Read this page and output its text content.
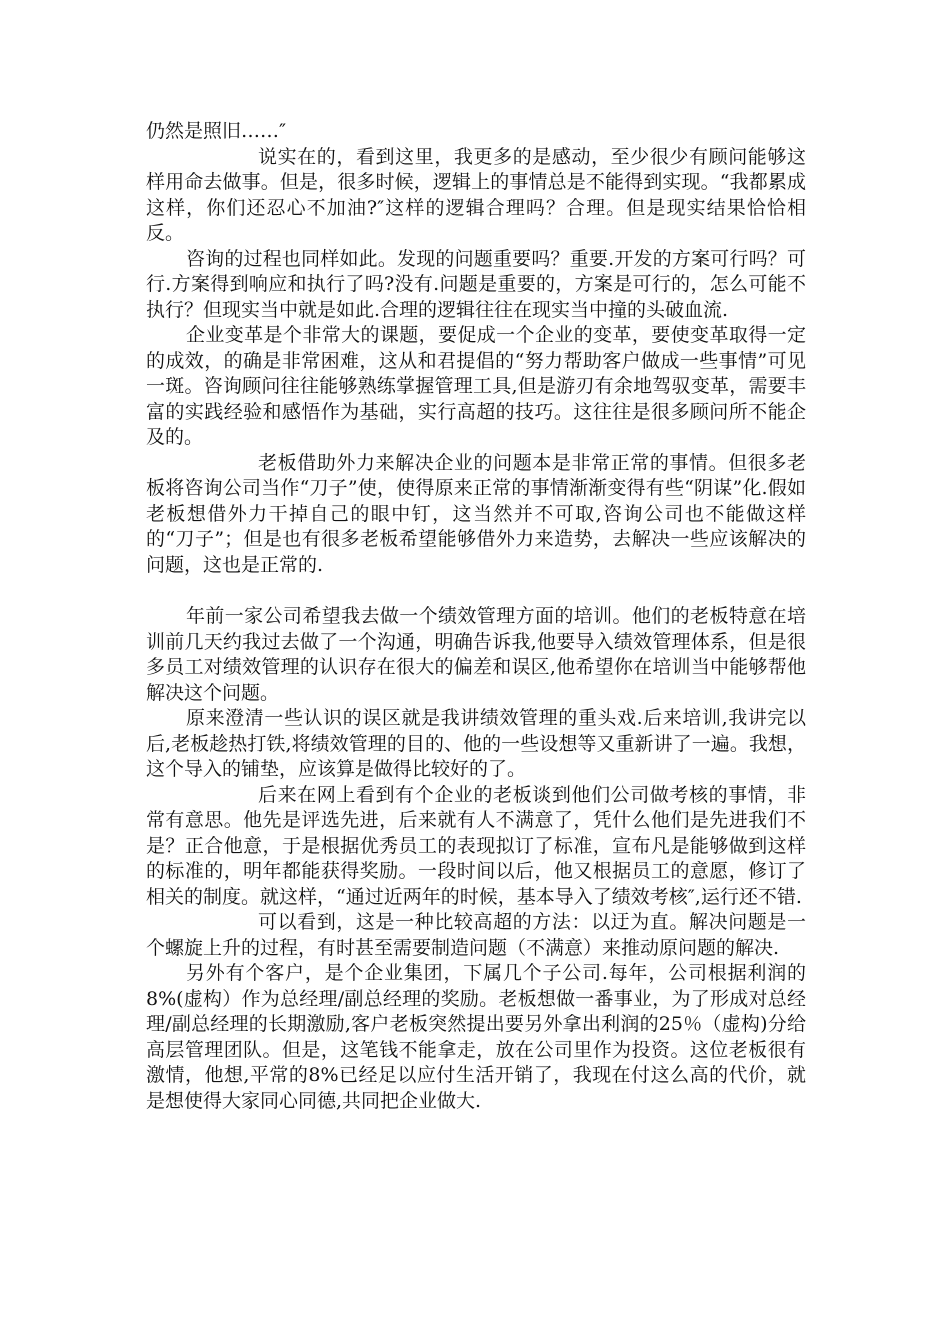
仍然是照旧……″

说实在的，看到这里，我更多的是感动，至少很少有顾问能够这样用命去做事。但是，很多时候，逻辑上的事情总是不能得到实现。“我都累成这样，你们还忍心不加油?″这样的逻辑合理吗？合理。但是现实结果恰恰相反。

咨询的过程也同样如此。发现的问题重要吗？重要.开发的方案可行吗？可行.方案得到响应和执行了吗?没有.问题是重要的，方案是可行的，怎么可能不执行？但现实当中就是如此.合理的逻辑往往在现实当中撞的头破血流.

企业变革是个非常大的课题，要促成一个企业的变革，要使变革取得一定的成效，的确是非常困难，这从和君提倡的“努力帮助客户做成一些事情”可见一斑。咨询顾问往往能够熟练掌握管理工具,但是游刃有余地驾驭变革，需要丰富的实践经验和感悟作为基础，实行高超的技巧。这往往是很多顾问所不能企及的。

老板借助外力来解决企业的问题本是非常正常的事情。但很多老板将咨询公司当作“刀子”使，使得原来正常的事情渐渐变得有些“阴谋”化.假如老板想借外力干掉自己的眼中钉，这当然并不可取,咨询公司也不能做这样的“刀子”；但是也有很多老板希望能够借外力来造势，去解决一些应该解决的问题，这也是正常的.

年前一家公司希望我去做一个绩效管理方面的培训。他们的老板特意在培训前几天约我过去做了一个沟通，明确告诉我,他要导入绩效管理体系，但是很多员工对绩效管理的认识存在很大的偏差和误区,他希望你在培训当中能够帮他解决这个问题。

原来澄清一些认识的误区就是我讲绩效管理的重头戏.后来培训,我讲完以后,老板趁热打铁,将绩效管理的目的、他的一些设想等又重新讲了一遍。我想，这个导入的铺垫，应该算是做得比较好的了。

后来在网上看到有个企业的老板谈到他们公司做考核的事情，非常有意思。他先是评选先进，后来就有人不满意了，凭什么他们是先进我们不是？正合他意，于是根据优秀员工的表现拟订了标准，宣布凡是能够做到这样的标准的，明年都能获得奖励。一段时间以后，他又根据员工的意愿，修订了相关的制度。就这样，“通过近两年的时候，基本导入了绩效考核″,运行还不错.

可以看到，这是一种比较高超的方法：以迂为直。解决问题是一个螺旋上升的过程，有时甚至需要制造问题（不满意）来推动原问题的解决.

另外有个客户，是个企业集团，下属几个子公司.每年，公司根据利润的8%(虚构）作为总经理/副总经理的奖励。老板想做一番事业，为了形成对总经理/副总经理的长期激励,客户老板突然提出要另外拿出利润的25％（虚构)分给高层管理团队。但是，这笔钱不能拿走，放在公司里作为投资。这位老板很有激情，他想,平常的8%已经足以应付生活开销了，我现在付这么高的代价，就是想使得大家同心同德,共同把企业做大.
